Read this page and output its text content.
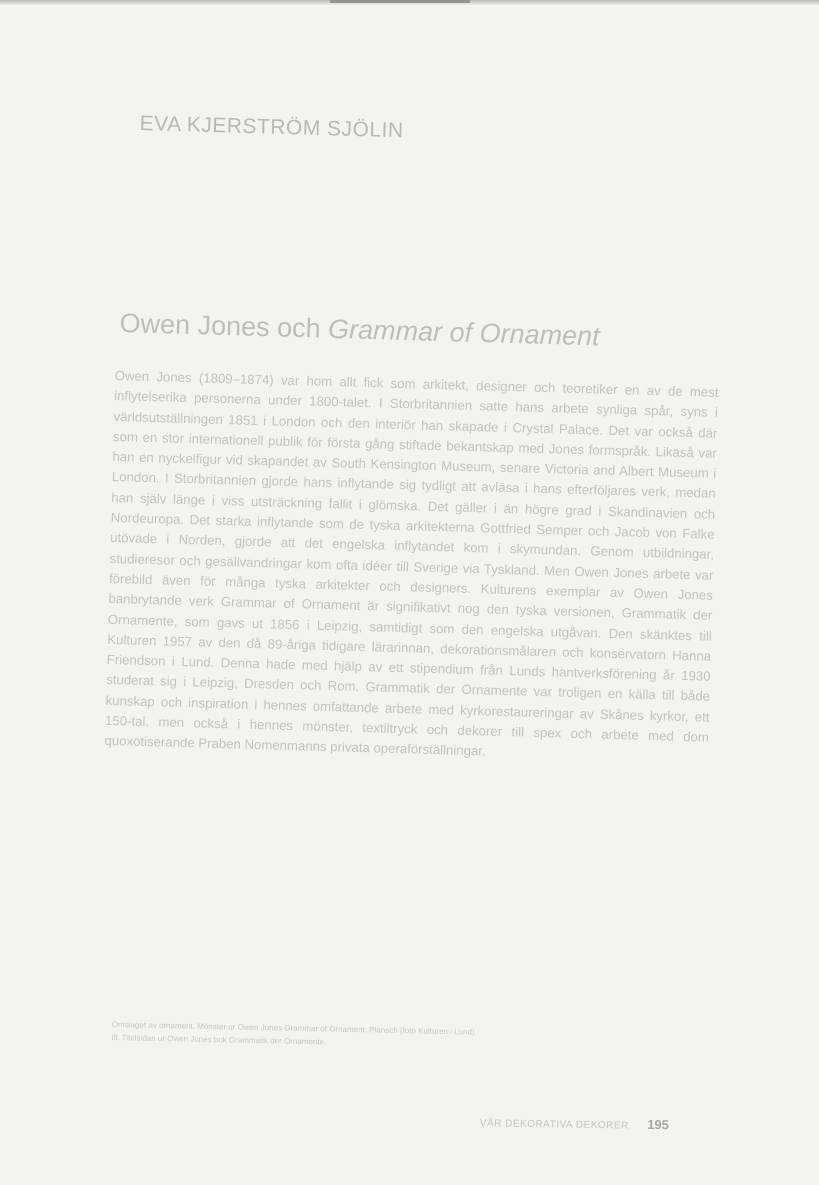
EVA KJERSTRÖM SJÖLIN
Owen Jones och Grammar of Ornament

Owen Jones (1809–1874) var hom allt fick som arkitekt, designer och teoretiker en av de mest inflytelserika personerna under 1800-talet. I Storbritannien satte hans arbete synliga spår, syns i världsutställningen 1851 i London och den interiör han skapade i Crystal Palace. Det var också där som en stor internationell publik för första gång stiftade bekantskap med Jones formspråk. Likaså var han en nyckelfigur vid skapandet av South Kensington Museum, senare Victoria and Albert Museum i London. I Storbritannien gjorde hans inflytande sig tydligt att avläsa i hans efterföljares verk, medan han själv länge i viss utsträckning fallit i glömska. Det gäller i än högre grad i Skandinavien och Nordeuropa. Det starka inflytande som de tyska arkitekterna Gottfried Semper och Jacob von Falke utövade i Norden, gjorde att det engelska inflytandet kom i skymundan. Genom utbildningar, studieresor och gesällvandringar kom ofta idéer till Sverige via Tyskland. Men Owen Jones arbete var förebild även för många tyska arkitekter och designers. Kulturens exemplar av Owen Jones banbrytande verk Grammar of Ornament är signifikativt nog den tyska versionen, Grammatik der Ornamente, som gavs ut 1856 i Leipzig, samtidigt som den engelska utgåvan. Den skänktes till Kulturen 1957 av den då 89-åriga tidigare lärarinnan, dekorationsmålaren och konservatorn Hanna Friendson i Lund. Denna hade med hjälp av ett stipendium från Lunds hantverksförening år 1930 studerat sig i Leipzig, Dresden och Rom. Grammatik der Ornamente var troligen en källa till både kunskap och inspiration i hennes omfattande arbete med kyrkorestaureringar av Skånes kyrkor, ett 150-tal, men också i hennes mönster, textiltryck och dekorer till spex och arbete med dom quoxotiserande Praben Nomenmanns privata operaförställningar.

Omslaget av ornament. Mönster ur Owen Jones Grammar of Ornament. Plansch (foto Kulturen i Lund).

Ill. Titelsidan ur Owen Jones bok Grammatik der Ornamente.

VÅR DEKORATIVA DEKORER 195
